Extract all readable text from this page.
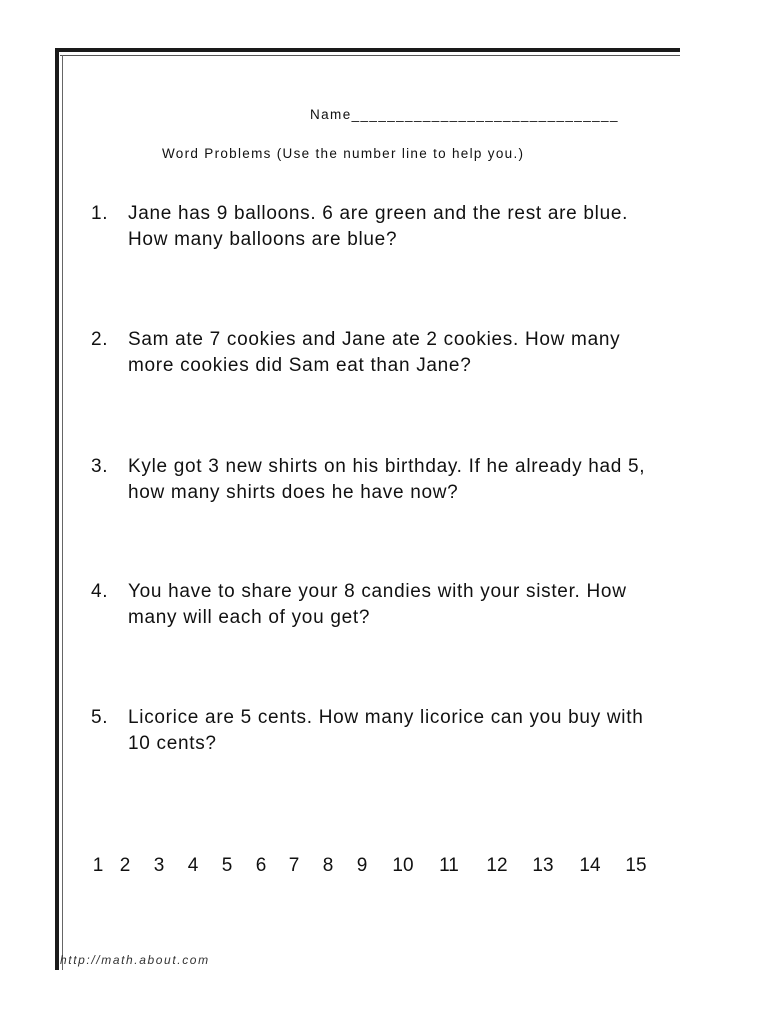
Name______________________________
Word Problems (Use the number line to help you.)
1.	Jane has 9 balloons. 6 are green and the rest are blue. How many balloons are blue?
2.	Sam ate 7 cookies and Jane ate 2 cookies. How many more cookies did Sam eat than Jane?
3.	Kyle got 3 new shirts on his birthday. If he already had 5, how many shirts does he have now?
4.	You have to share your 8 candies with your sister. How many will each of you get?
5.	Licorice are 5 cents. How many licorice can you buy with 10 cents?
1 2 3 4 5 6 7 8 9 10 11 12 13 14 15
http://math.about.com
